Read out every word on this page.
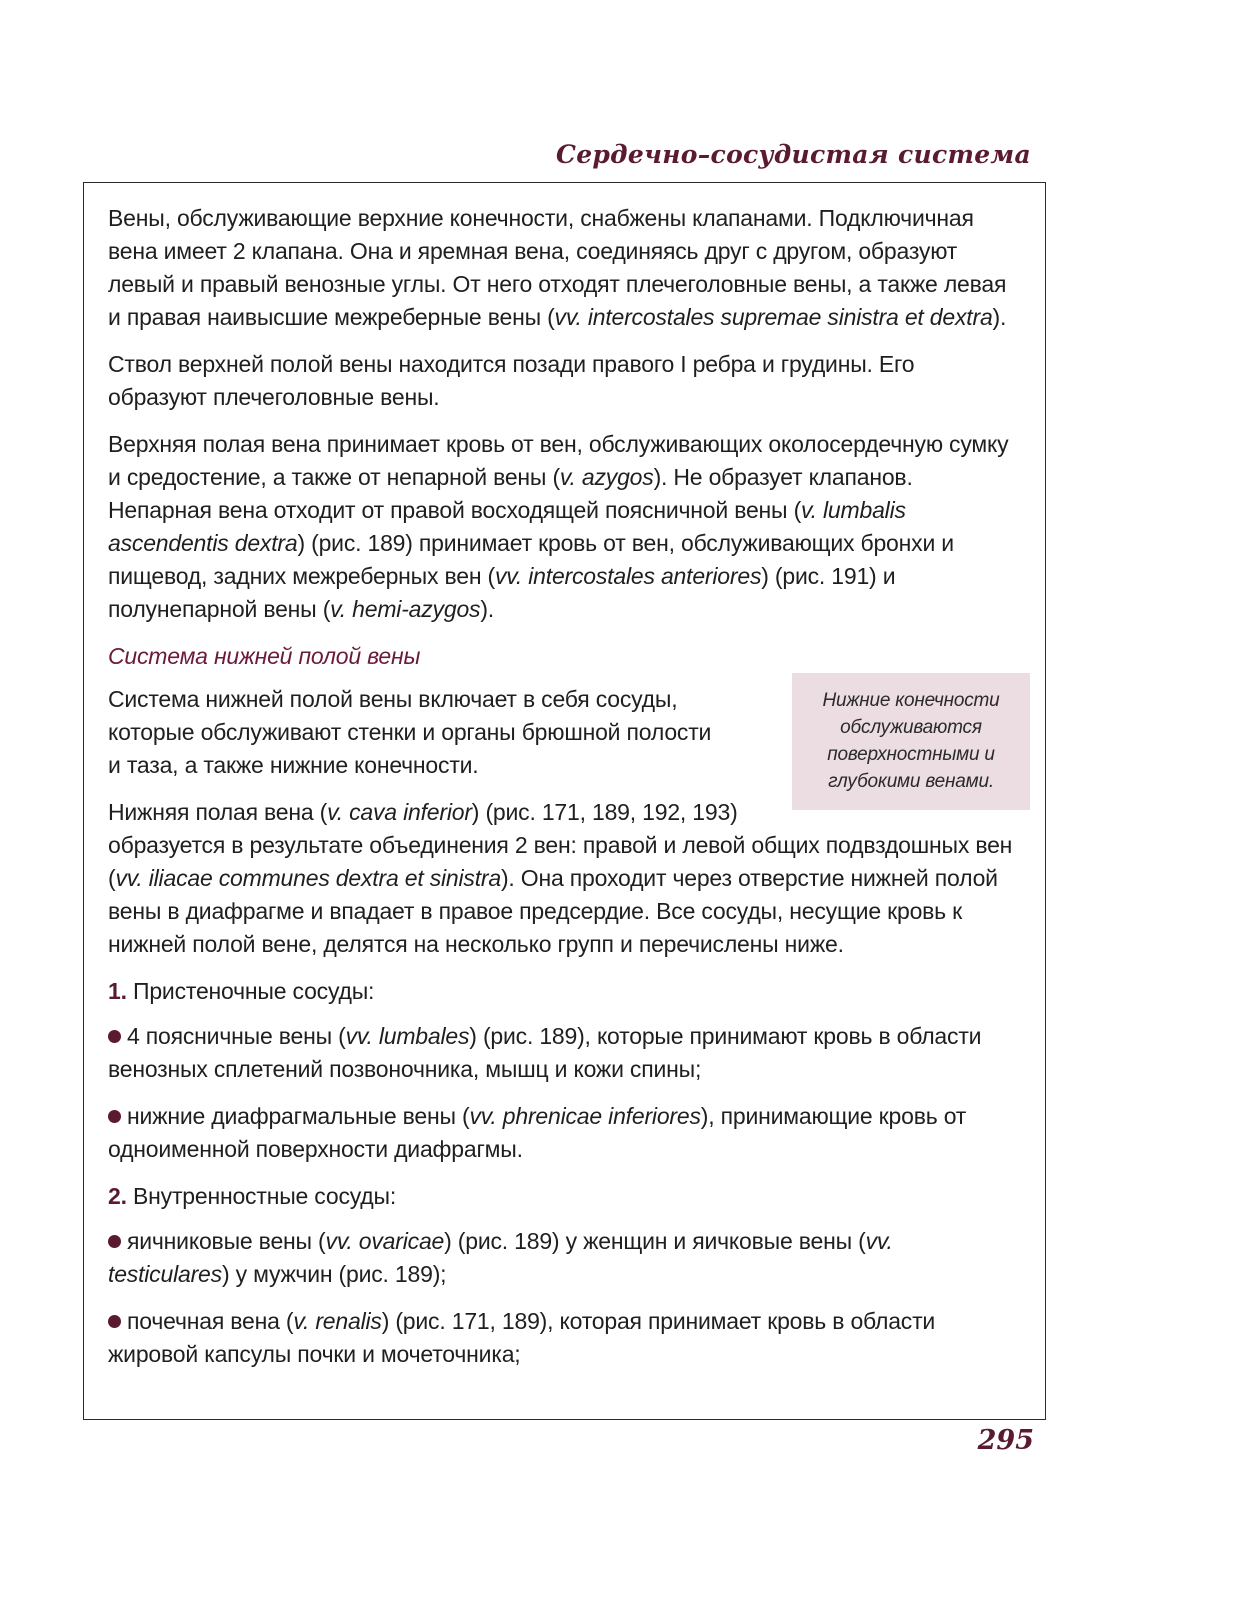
Сердечно–сосудистая система

Вены, обслуживающие верхние конечности, снабжены клапанами. Подключичная вена имеет 2 клапана. Она и яремная вена, соединяясь друг с другом, образуют левый и правый венозные углы. От него отходят плечеголовные вены, а также левая и правая наивысшие межреберные вены (vv. intercostales supremae sinistra et dextra).

Ствол верхней полой вены находится позади правого I ребра и грудины. Его образуют плечеголовные вены.

Верхняя полая вена принимает кровь от вен, обслуживающих околосердечную сумку и средостение, а также от непарной вены (v. azygos). Не образует клапанов. Непарная вена отходит от правой восходящей поясничной вены (v. lumbalis ascendentis dextra) (рис. 189) принимает кровь от вен, обслуживающих бронхи и пищевод, задних межреберных вен (vv. intercostales anteriores) (рис. 191) и полунепарной вены (v. hemi-azygos).

Система нижней полой вены
Нижние конечности обслуживаются поверхностными и глубокими венами.

Система нижней полой вены включает в себя сосуды, которые обслуживают стенки и органы брюшной полости и таза, а также нижние конечности.

Нижняя полая вена (v. cava inferior) (рис. 171, 189, 192, 193) образуется в результате объединения 2 вен: правой и левой общих подвздошных вен (vv. iliacae communes dextra et sinistra). Она проходит через отверстие нижней полой вены в диафрагме и впадает в правое предсердие. Все сосуды, несущие кровь к нижней полой вене, делятся на несколько групп и перечислены ниже.

1. Пристеночные сосуды:

4 поясничные вены (vv. lumbales) (рис. 189), которые принимают кровь в области венозных сплетений позвоночника, мышц и кожи спины;

нижние диафрагмальные вены (vv. phrenicae inferiores), принимающие кровь от одноименной поверхности диафрагмы.

2. Внутренностные сосуды:

яичниковые вены (vv. ovaricae) (рис. 189) у женщин и яичковые вены (vv. testiculares) у мужчин (рис. 189);

почечная вена (v. renalis) (рис. 171, 189), которая принимает кровь в области жировой капсулы почки и мочеточника;

295
